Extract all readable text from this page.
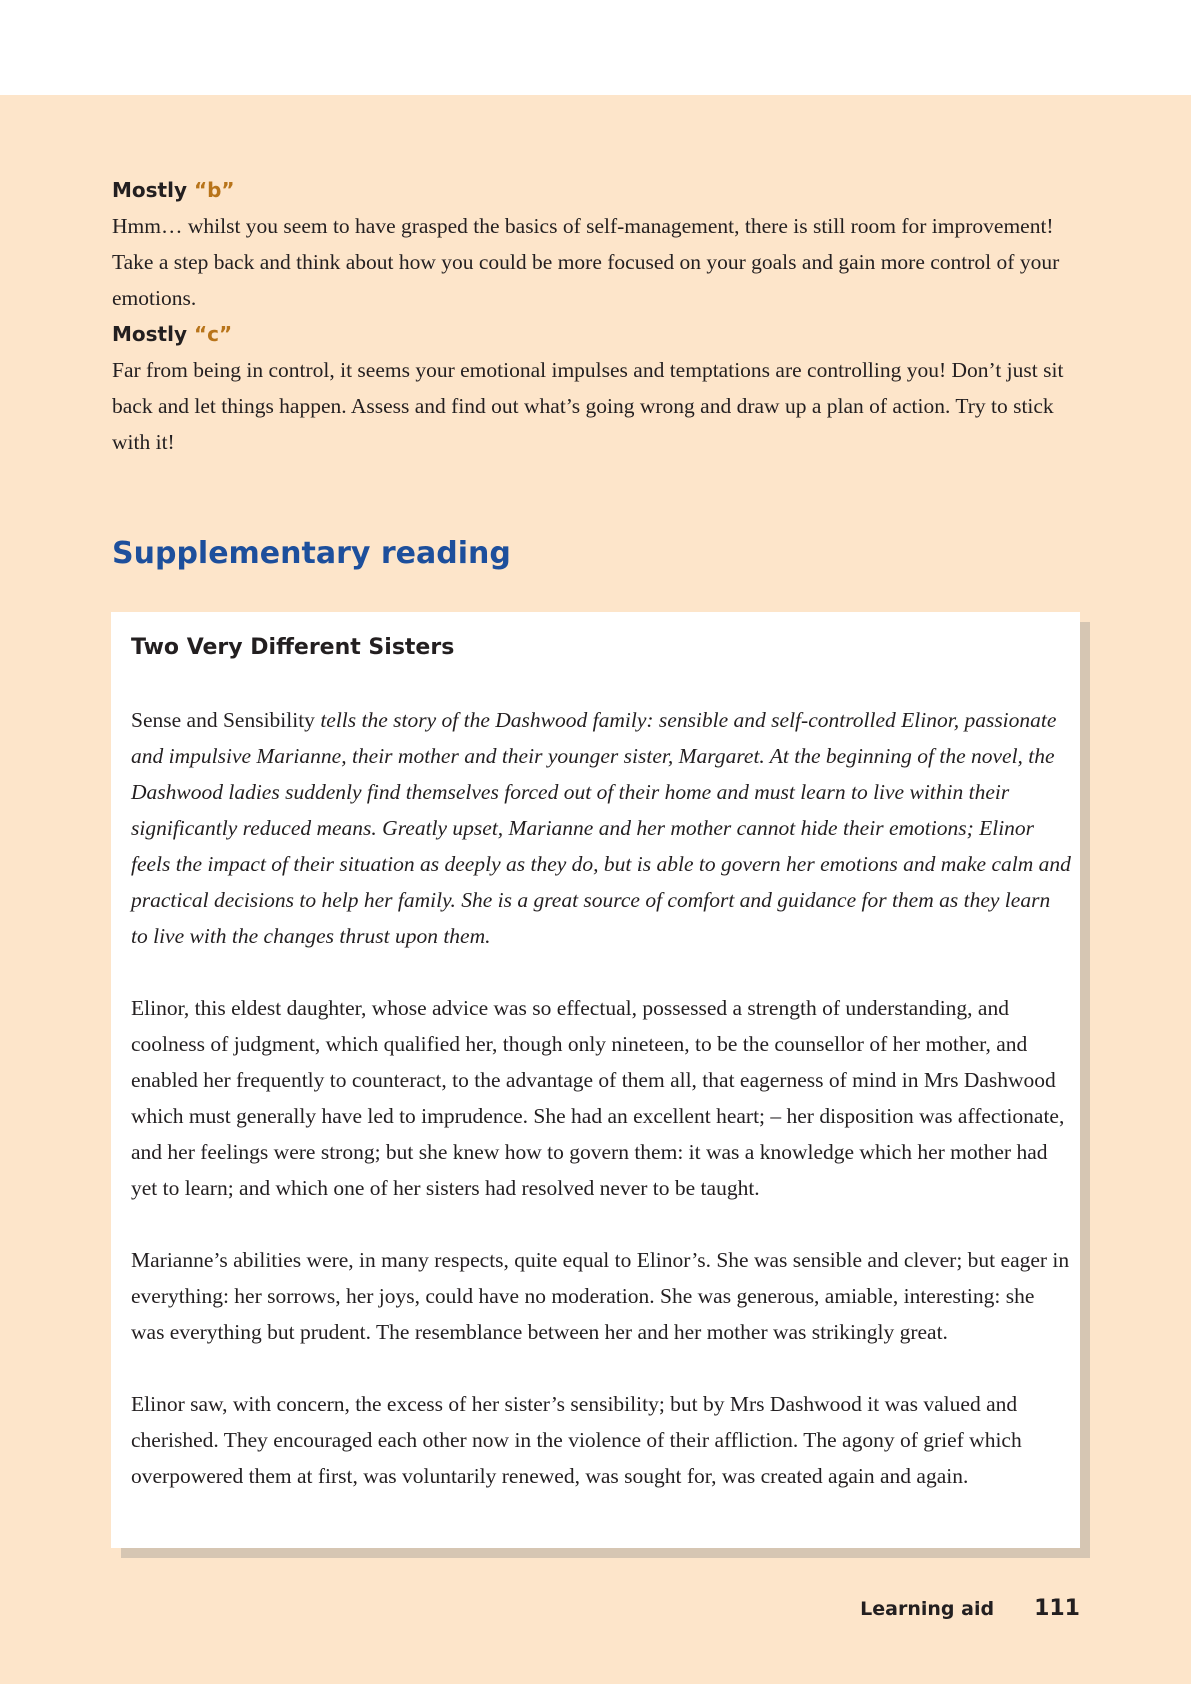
Mostly “b”

Hmm… whilst you seem to have grasped the basics of self-management, there is still room for improvement! Take a step back and think about how you could be more focused on your goals and gain more control of your emotions.

Mostly “c”

Far from being in control, it seems your emotional impulses and temptations are controlling you! Don’t just sit back and let things happen. Assess and find out what’s going wrong and draw up a plan of action. Try to stick with it!

Supplementary reading
Two Very Different Sisters

Sense and Sensibility tells the story of the Dashwood family: sensible and self-controlled Elinor, passionate and impulsive Marianne, their mother and their younger sister, Margaret. At the beginning of the novel, the Dashwood ladies suddenly find themselves forced out of their home and must learn to live within their significantly reduced means. Greatly upset, Marianne and her mother cannot hide their emotions; Elinor feels the impact of their situation as deeply as they do, but is able to govern her emotions and make calm and practical decisions to help her family. She is a great source of comfort and guidance for them as they learn to live with the changes thrust upon them.

Elinor, this eldest daughter, whose advice was so effectual, possessed a strength of understanding, and coolness of judgment, which qualified her, though only nineteen, to be the counsellor of her mother, and enabled her frequently to counteract, to the advantage of them all, that eagerness of mind in Mrs Dashwood which must generally have led to imprudence. She had an excellent heart; – her disposition was affectionate, and her feelings were strong; but she knew how to govern them: it was a knowledge which her mother had yet to learn; and which one of her sisters had resolved never to be taught.

Marianne’s abilities were, in many respects, quite equal to Elinor’s. She was sensible and clever; but eager in everything: her sorrows, her joys, could have no moderation. She was generous, amiable, interesting: she was everything but prudent. The resemblance between her and her mother was strikingly great.

Elinor saw, with concern, the excess of her sister’s sensibility; but by Mrs Dashwood it was valued and cherished. They encouraged each other now in the violence of their affliction. The agony of grief which overpowered them at first, was voluntarily renewed, was sought for, was created again and again.

Learning aid 111
